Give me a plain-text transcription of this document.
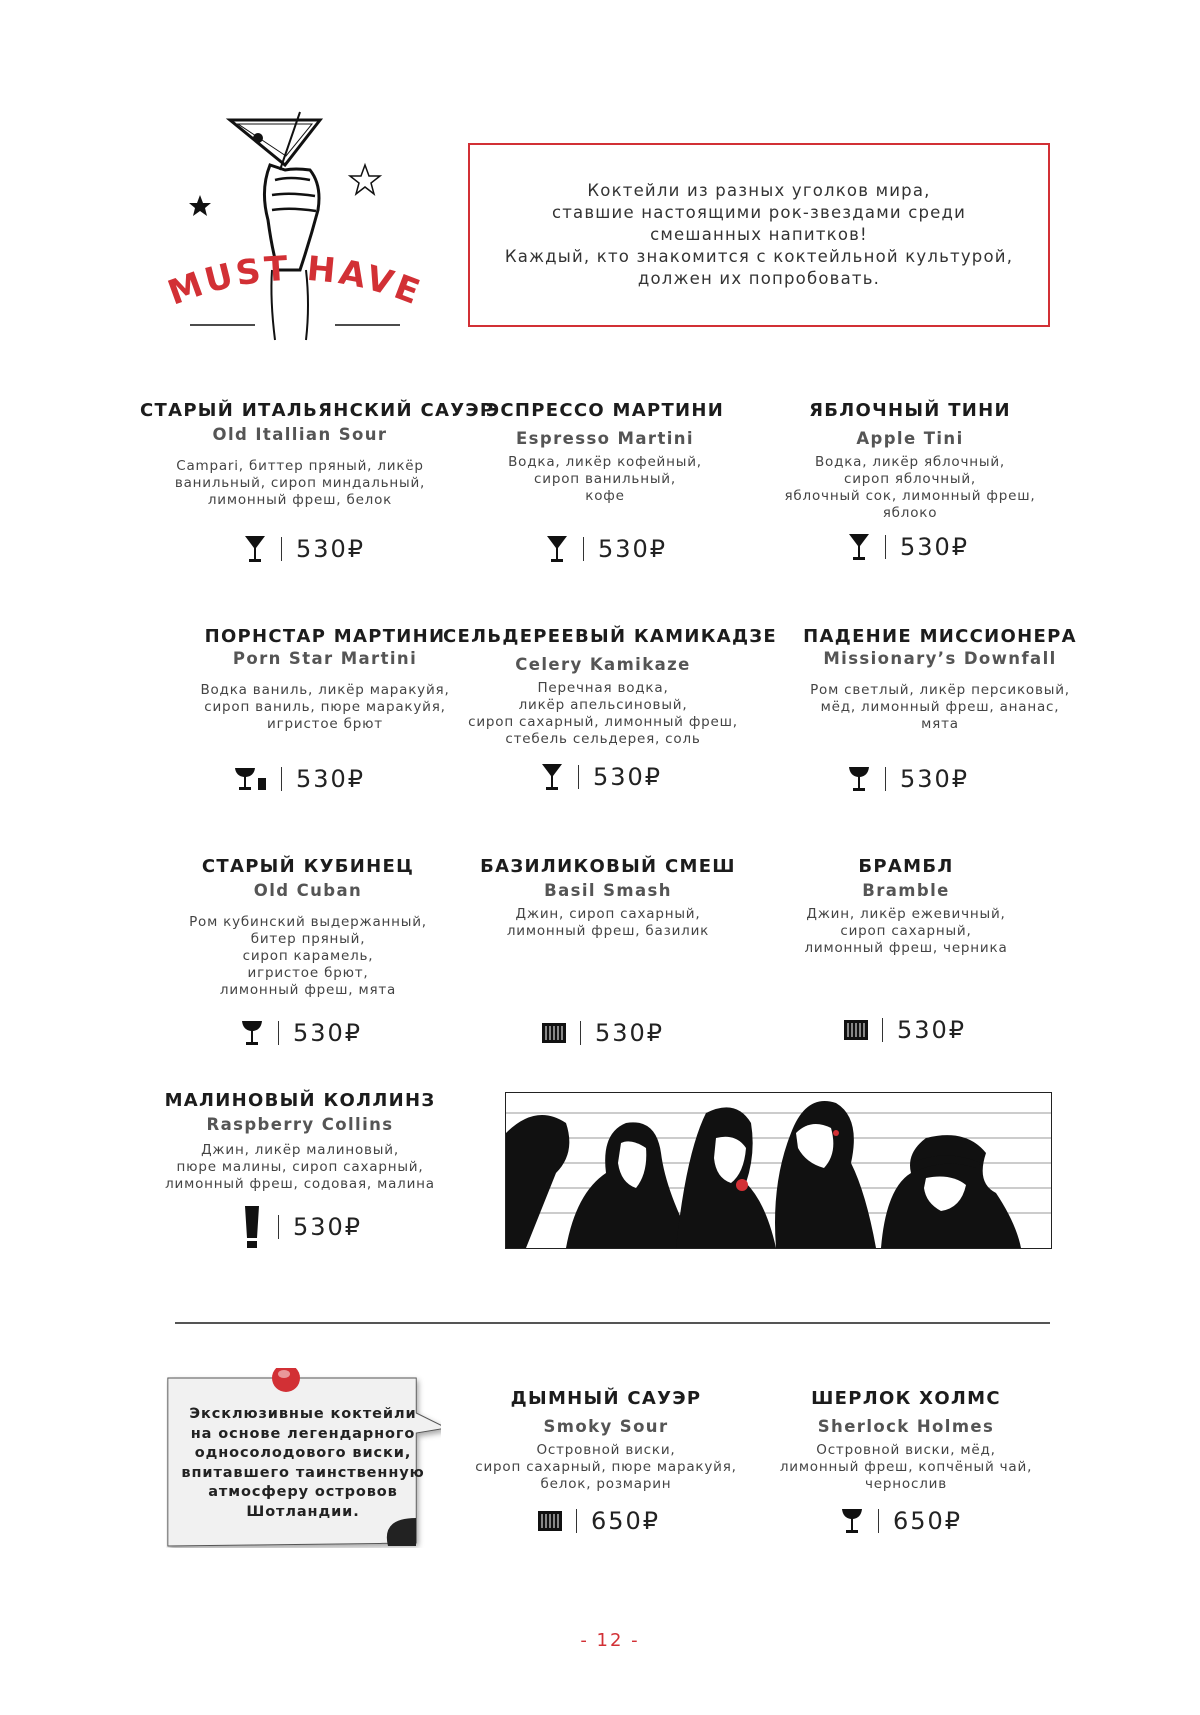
MUST HAVE
Коктейли из разных уголков мира,
ставшие настоящими рок-звездами среди
смешанных напитков!
Каждый, кто знакомится с коктейльной культурой,
должен их попробовать.
СТАРЫЙ ИТАЛЬЯНСКИЙ САУЭР
Old Itallian Sour
Campari, биттер пряный, ликёр
ванильный, сироп миндальный,
лимонный фреш, белок
530₽
ЭСПРЕССО МАРТИНИ
Espresso Martini
Водка, ликёр кофейный,
сироп ванильный,
кофе
530₽
ЯБЛОЧНЫЙ ТИНИ
Apple Tini
Водка, ликёр яблочный,
сироп яблочный,
яблочный сок, лимонный фреш,
яблоко
530₽
ПОРНСТАР МАРТИНИ
Porn Star Martini
Водка ваниль, ликёр маракуйя,
сироп ваниль, пюре маракуйя,
игристое брют
530₽
СЕЛЬДЕРЕЕВЫЙ КАМИКАДЗЕ
Celery Kamikaze
Перечная водка,
ликёр апельсиновый,
сироп сахарный, лимонный фреш,
стебель сельдерея, соль
530₽
ПАДЕНИЕ МИССИОНЕРА
Missionary’s Downfall
Ром светлый, ликёр персиковый,
мёд, лимонный фреш, ананас,
мята
530₽
СТАРЫЙ КУБИНЕЦ
Old Cuban
Ром кубинский выдержанный,
битер пряный,
сироп карамель,
игристое брют,
лимонный фреш, мята
530₽
БАЗИЛИКОВЫЙ СМЕШ
Basil Smash
Джин, сироп сахарный,
лимонный фреш, базилик
530₽
БРАМБЛ
Bramble
Джин, ликёр ежевичный,
сироп сахарный,
лимонный фреш, черника
530₽
МАЛИНОВЫЙ КОЛЛИНЗ
Raspberry Collins
Джин, ликёр малиновый,
пюре малины, сироп сахарный,
лимонный фреш, содовая, малина
530₽
Эксклюзивные коктейли
на основе легендарного
односолодового виски,
впитавшего таинственную
атмосферу островов
Шотландии.
ДЫМНЫЙ САУЭР
Smoky Sour
Островной виски,
сироп сахарный, пюре маракуйя,
белок, розмарин
650₽
ШЕРЛОК ХОЛМС
Sherlock Holmes
Островной виски, мёд,
лимонный фреш, копчёный чай,
чернослив
650₽
- 12 -
